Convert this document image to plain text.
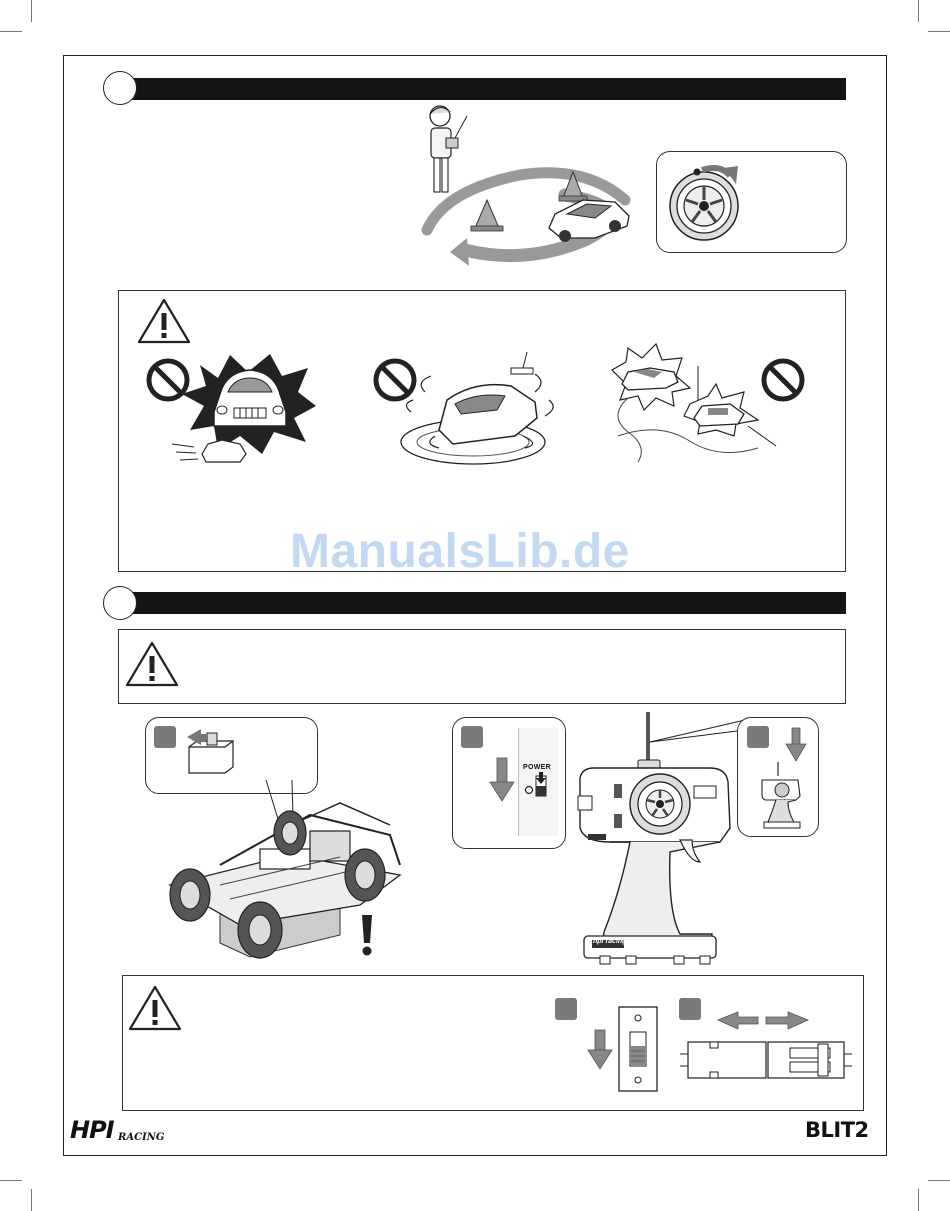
ManualsLib.de
POWER
hpi racing
HPI RACING	BLIT2
